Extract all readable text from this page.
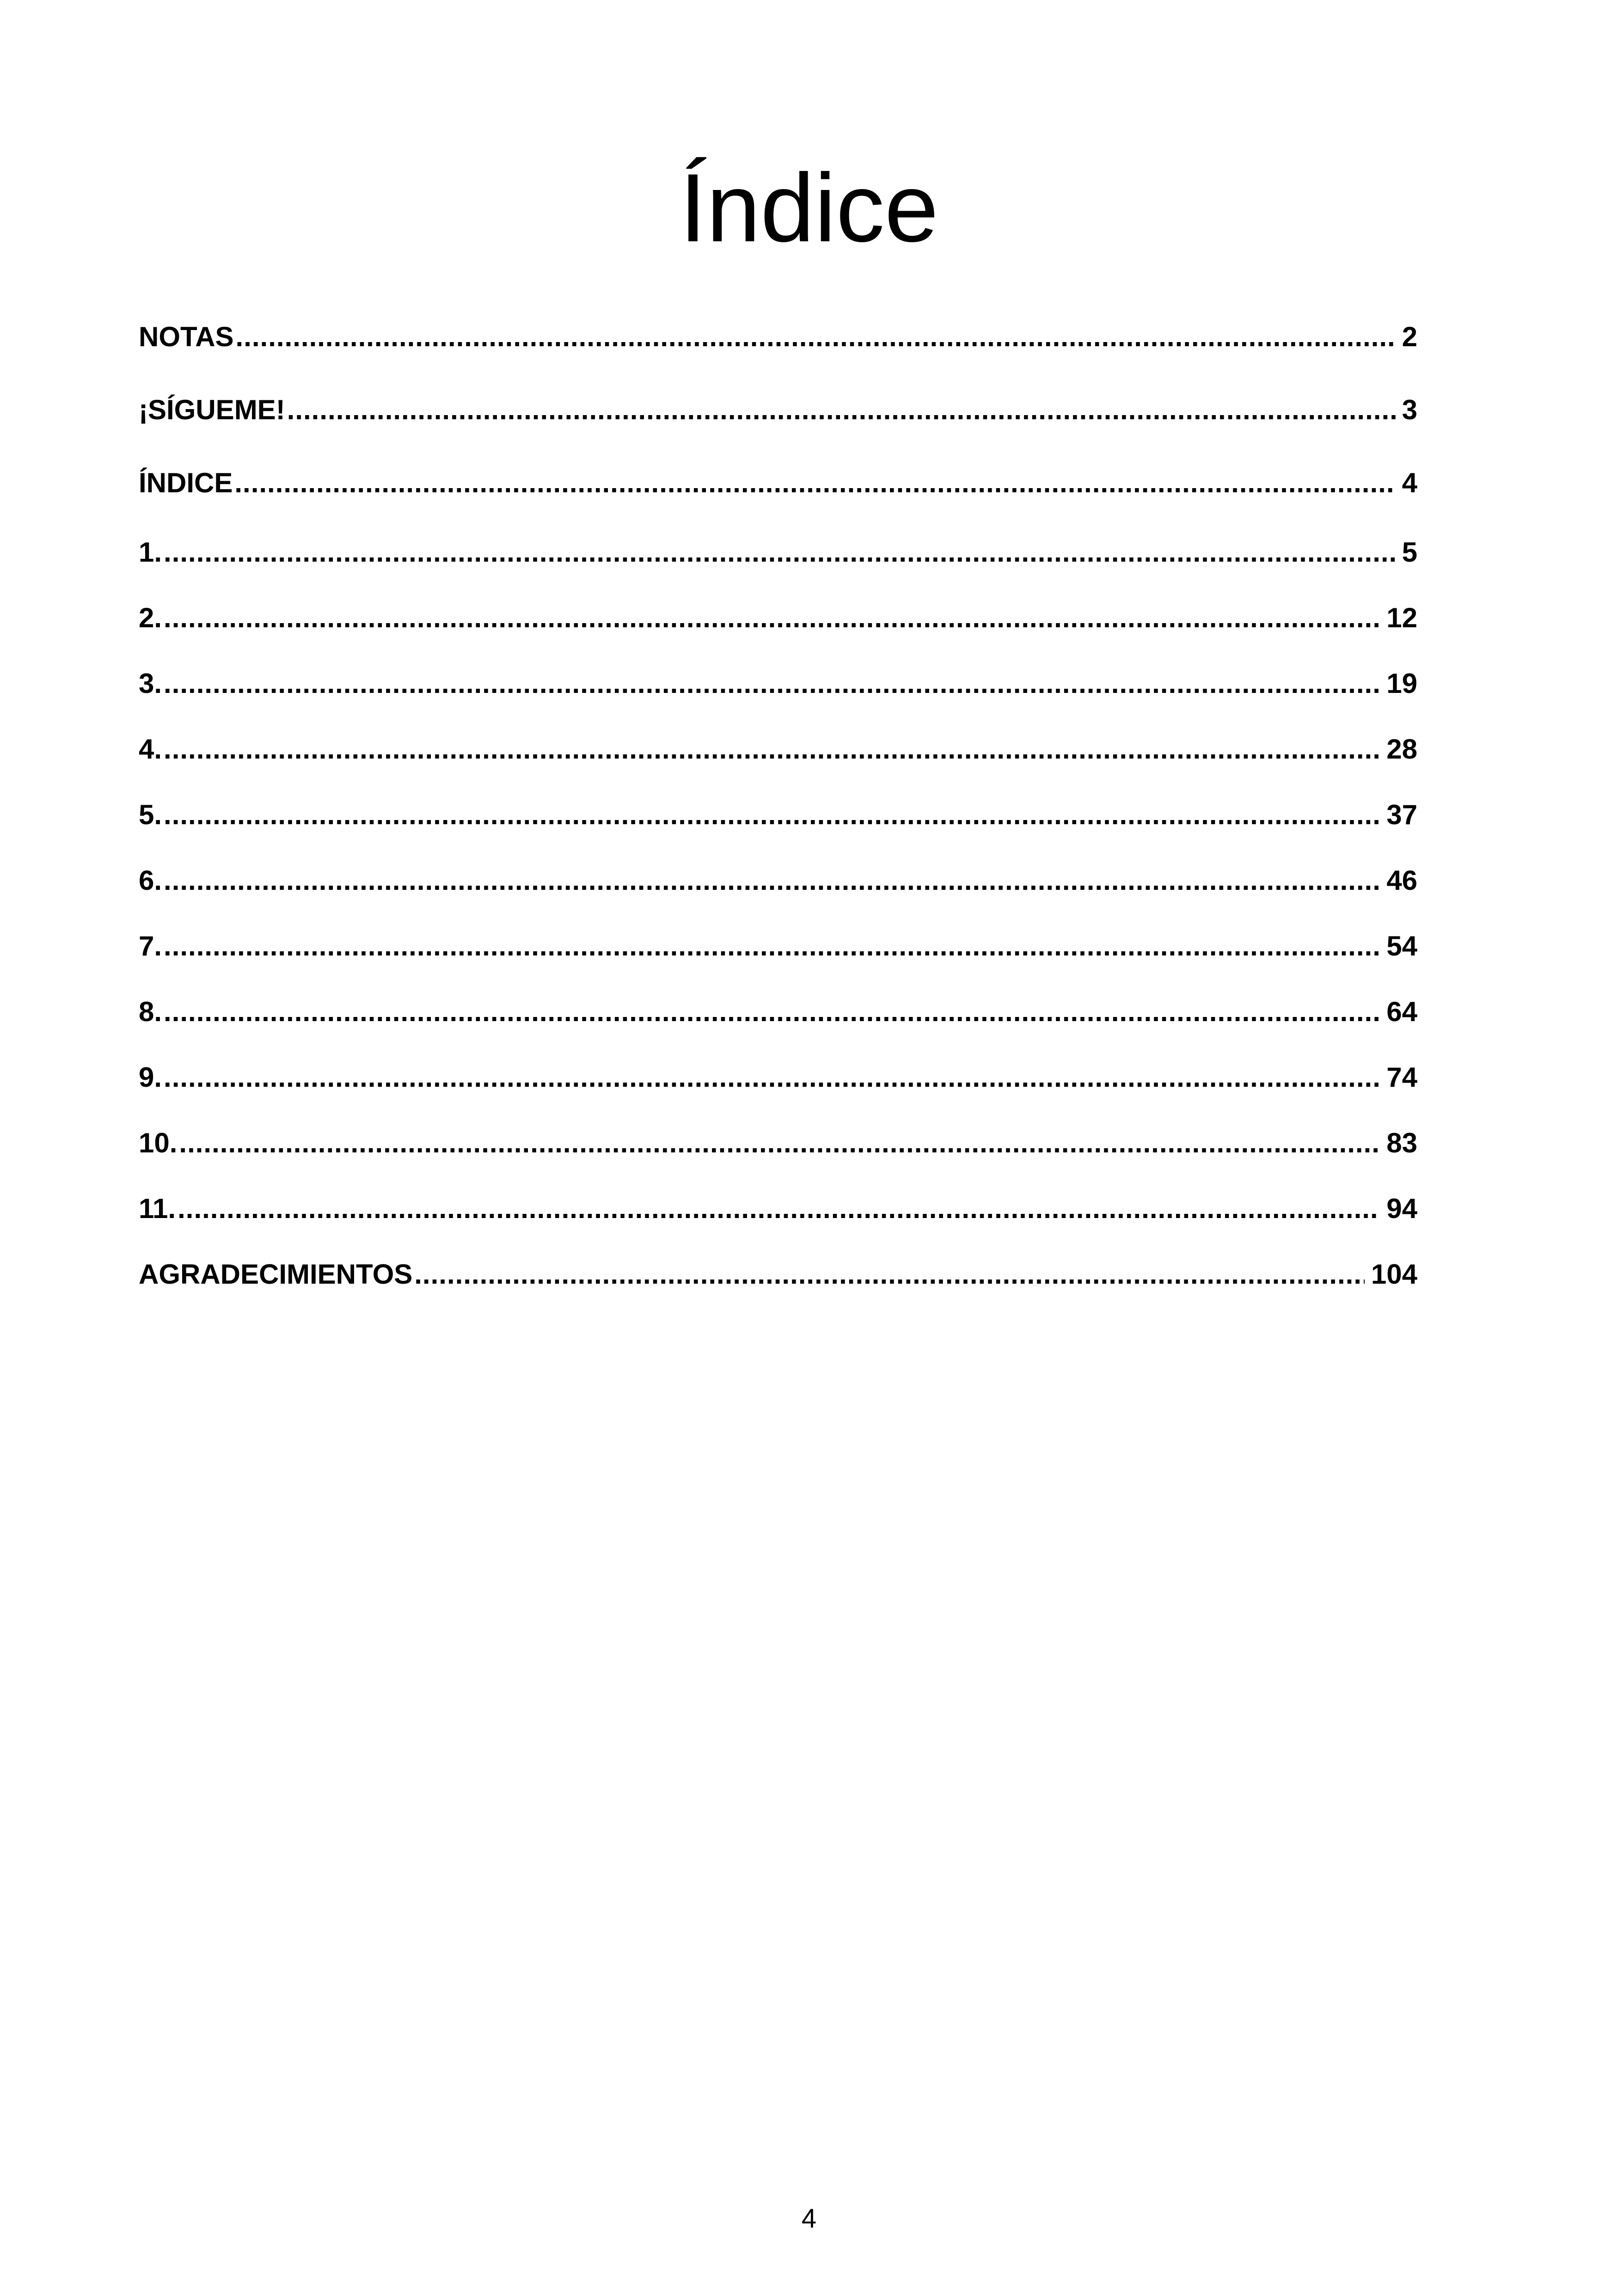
Índice
NOTAS .....	2
¡SÍGUEME! .....	3
ÍNDICE .....	4
1. .....	5
2. .....	12
3. .....	19
4. .....	28
5. .....	37
6. .....	46
7. .....	54
8. .....	64
9. .....	74
10. .....	83
11. .....	94
AGRADECIMIENTOS .....	104
4
